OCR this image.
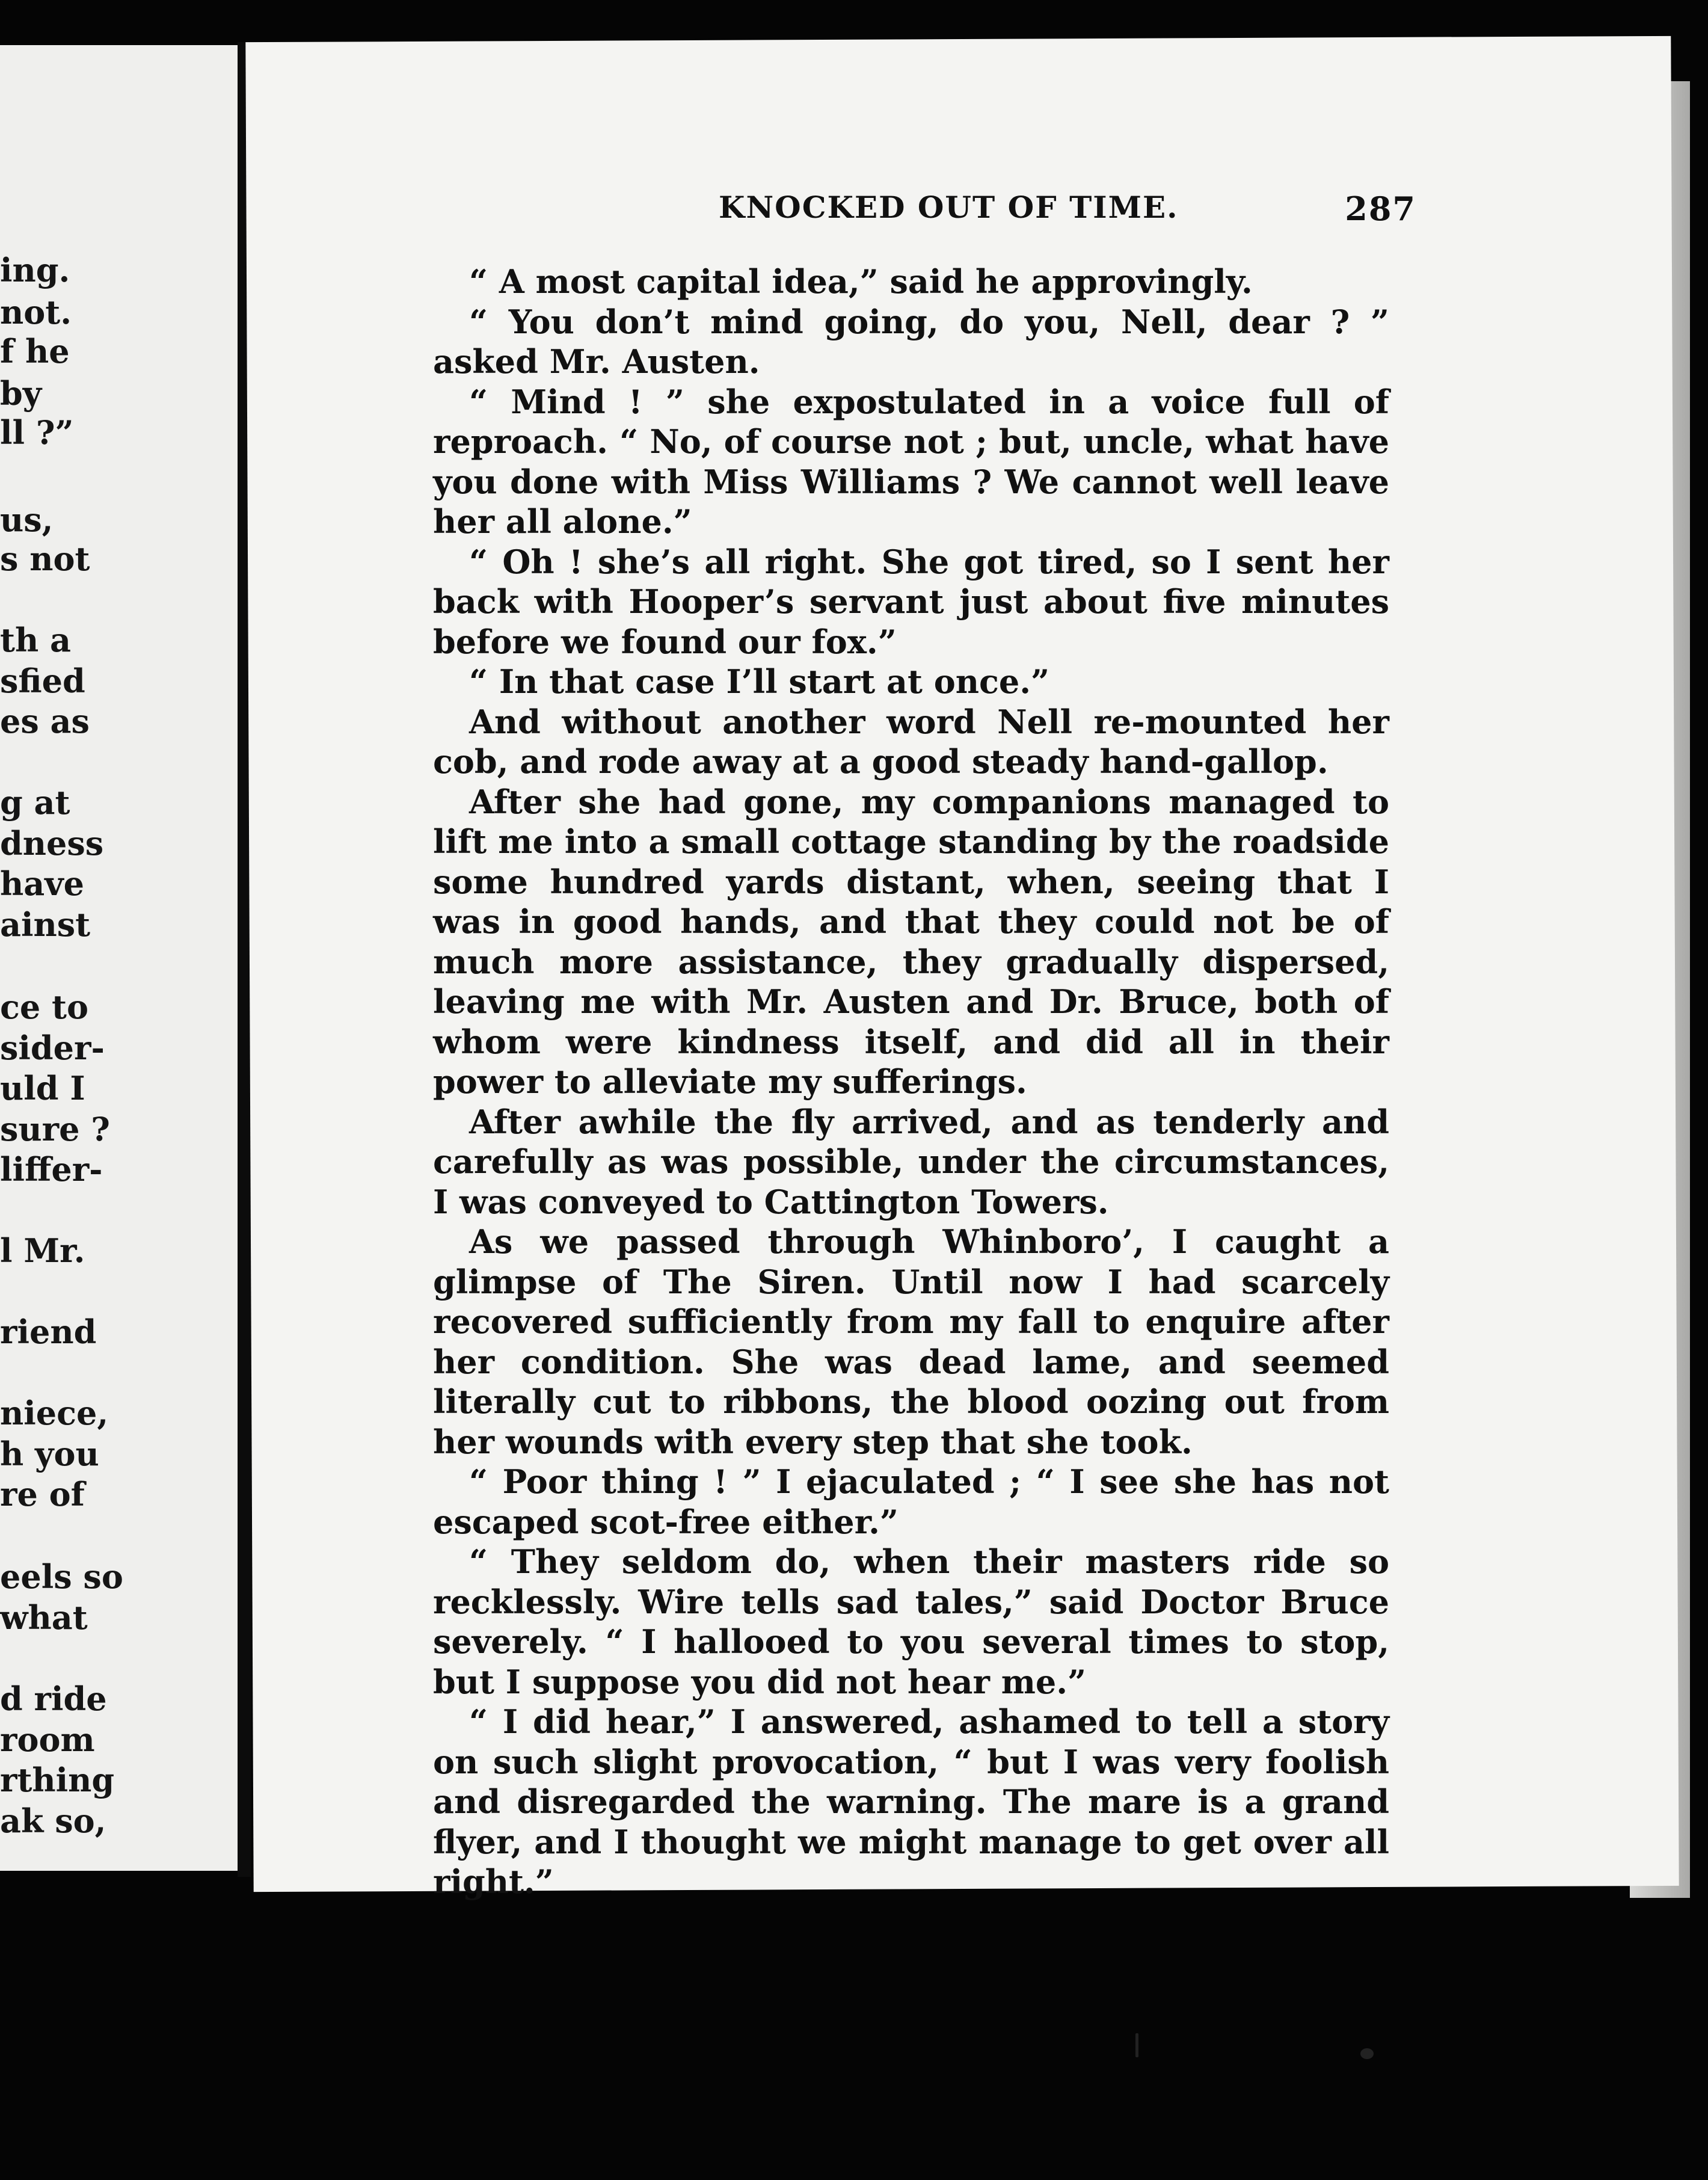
ing.
not.
f he
by
ll ?”
us,
s not
th a
sfied
es as
g at
dness
have
ainst
ce to
sider-
uld I
sure ?
liffer-
l Mr.
riend
niece,
h you
re of
eels so
what
d ride
room
rthing
ak so,
KNOCKED OUT OF TIME.	287

“ A most capital idea,” said he approvingly.

“ You don’t mind going, do you, Nell, dear ? ” asked Mr. Austen.

“ Mind ! ” she expostulated in a voice full of reproach. “ No, of course not ; but, uncle, what have you done with Miss Williams ? We cannot well leave her all alone.”

“ Oh ! she’s all right. She got tired, so I sent her back with Hooper’s servant just about five minutes before we found our fox.”

“ In that case I’ll start at once.”

And without another word Nell re-mounted her cob, and rode away at a good steady hand-gallop.

After she had gone, my companions managed to lift me into a small cottage standing by the roadside some hundred yards distant, when, seeing that I was in good hands, and that they could not be of much more assistance, they gradually dispersed, leaving me with Mr. Austen and Dr. Bruce, both of whom were kindness itself, and did all in their power to alleviate my sufferings.

After awhile the fly arrived, and as tenderly and carefully as was possible, under the circumstances, I was conveyed to Cattington Towers.

As we passed through Whinboro’, I caught a glimpse of The Siren. Until now I had scarcely recovered sufficiently from my fall to enquire after her condition. She was dead lame, and seemed literally cut to ribbons, the blood oozing out from her wounds with every step that she took.

“ Poor thing ! ” I ejaculated ; “ I see she has not escaped scot-free either.”

“ They seldom do, when their masters ride so recklessly. Wire tells sad tales,” said Doctor Bruce severely. “ I hallooed to you several times to stop, but I suppose you did not hear me.”

“ I did hear,” I answered, ashamed to tell a story on such slight provocation, “ but I was very foolish and disregarded the warning. The mare is a grand flyer, and I thought we might manage to get over all right.”
